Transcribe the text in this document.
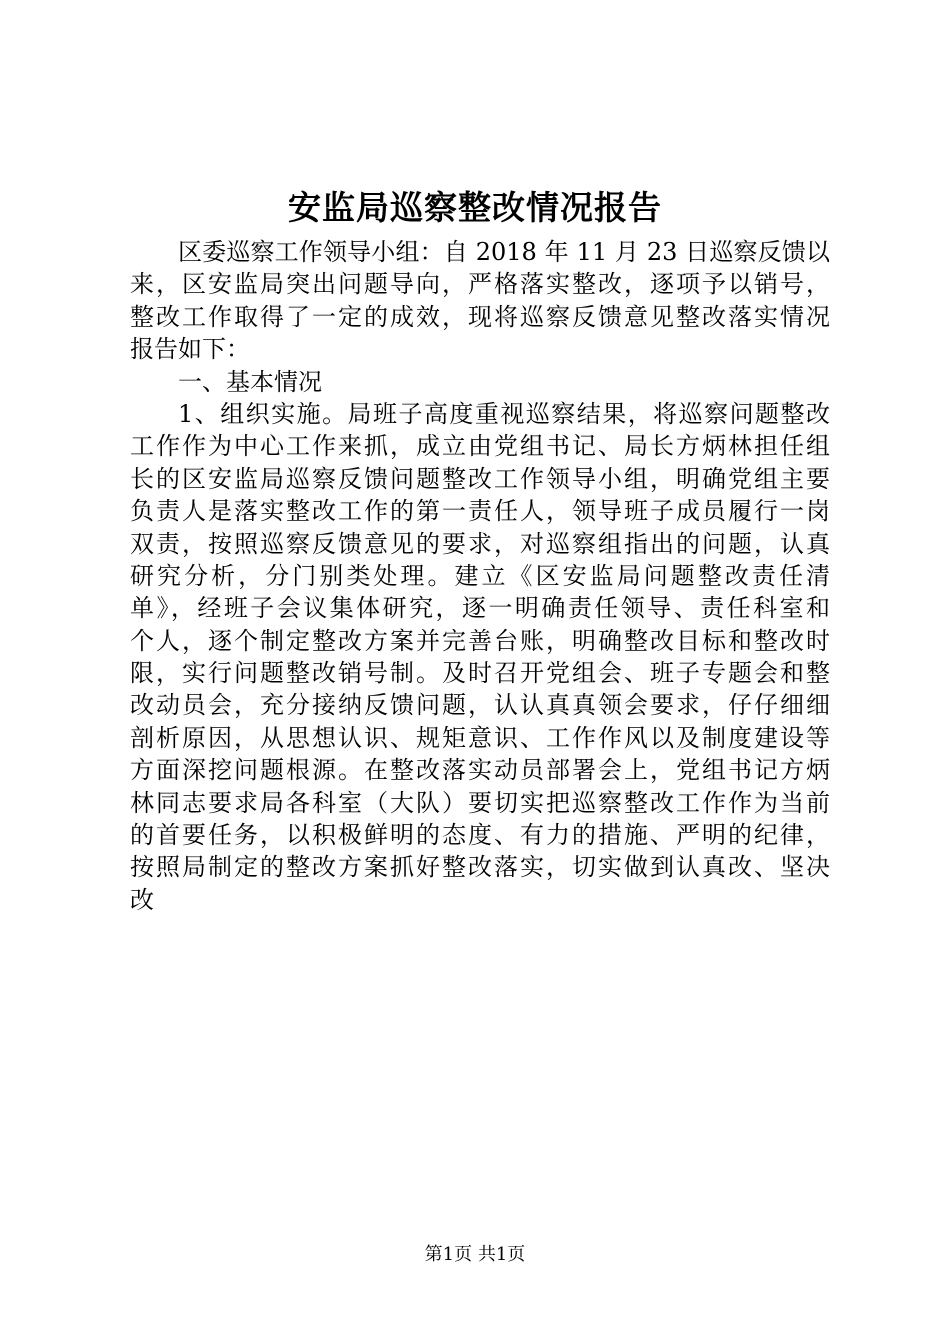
安监局巡察整改情况报告
区委巡察工作领导小组：自 2018 年 11 月 23 日巡察反馈以
来，区安监局突出问题导向，严格落实整改，逐项予以销号，
整改工作取得了一定的成效，现将巡察反馈意见整改落实情况
报告如下：
一、基本情况
1、组织实施。局班子高度重视巡察结果，将巡察问题整改
工作作为中心工作来抓，成立由党组书记、局长方炳林担任组
长的区安监局巡察反馈问题整改工作领导小组，明确党组主要
负责人是落实整改工作的第一责任人，领导班子成员履行一岗
双责，按照巡察反馈意见的要求，对巡察组指出的问题，认真
研究分析，分门别类处理。建立《区安监局问题整改责任清
单》，经班子会议集体研究，逐一明确责任领导、责任科室和
个人，逐个制定整改方案并完善台账，明确整改目标和整改时
限，实行问题整改销号制。及时召开党组会、班子专题会和整
改动员会，充分接纳反馈问题，认认真真领会要求，仔仔细细
剖析原因，从思想认识、规矩意识、工作作风以及制度建设等
方面深挖问题根源。在整改落实动员部署会上，党组书记方炳
林同志要求局各科室（大队）要切实把巡察整改工作作为当前
的首要任务，以积极鲜明的态度、有力的措施、严明的纪律，
按照局制定的整改方案抓好整改落实，切实做到认真改、坚决
改
第1页 共1页
